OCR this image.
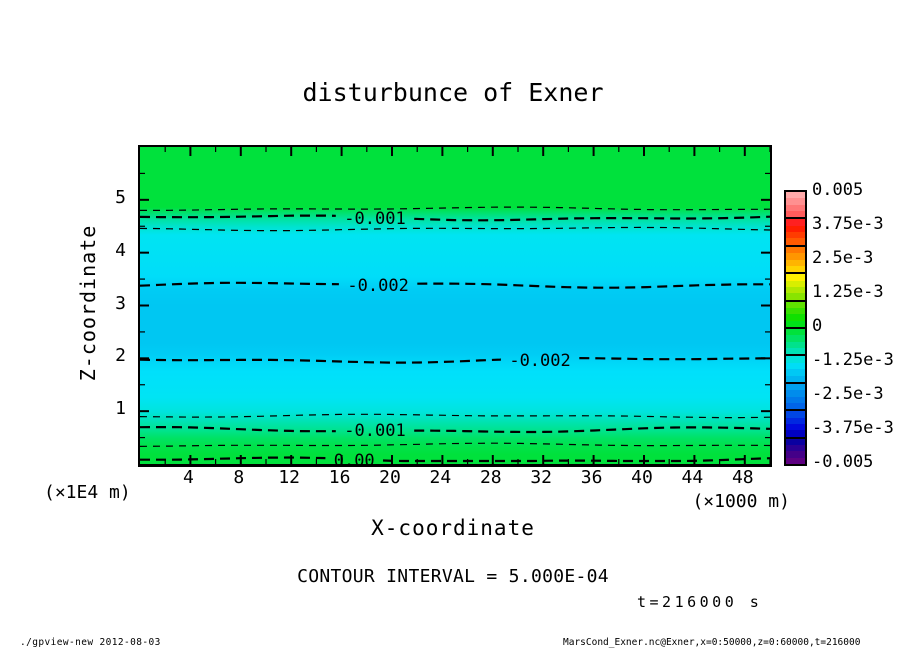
disturbunce of Exner
Z-coordinate
1
2
3
4
5
-0.001
-0.002
-0.002
-0.001
0.00
4	8	12	16	20	24	28	32	36	40	44	48
(×1E4 m)	(×1000 m)
X-coordinate
CONTOUR INTERVAL = 5.000E-04
t=216000 s
0.005
3.75e-3
2.5e-3
1.25e-3
0
-1.25e-3
-2.5e-3
-3.75e-3
-0.005
./gpview-new 2012-08-03	MarsCond_Exner.nc@Exner,x=0:50000,z=0:60000,t=216000
